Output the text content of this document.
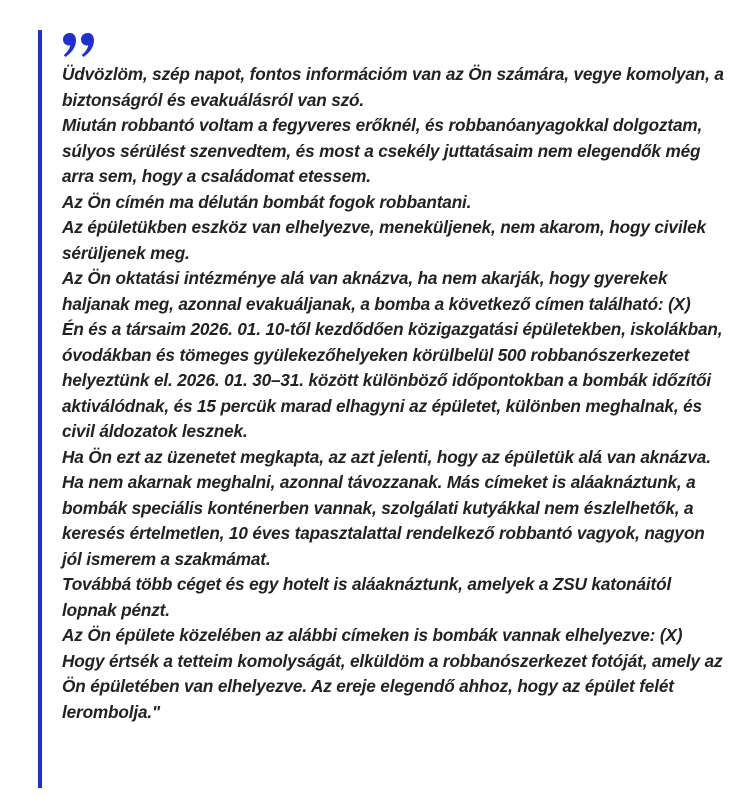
Üdvözlöm, szép napot, fontos információm van az Ön számára, vegye komolyan, a biztonságról és evakuálásról van szó.
Miután robbantó voltam a fegyveres erőknél, és robbanóanyagokkal dolgoztam, súlyos sérülést szenvedtem, és most a csekély juttatásaim nem elegendők még arra sem, hogy a családomat etessem.
Az Ön címén ma délután bombát fogok robbantani.
Az épületükben eszköz van elhelyezve, meneküljenek, nem akarom, hogy civilek sérüljenek meg.
Az Ön oktatási intézménye alá van aknázva, ha nem akarják, hogy gyerekek haljanak meg, azonnal evakuáljanak, a bomba a következő címen található: (X)
Én és a társaim 2026. 01. 10-től kezdődően közigazgatási épületekben, iskolákban, óvodákban és tömeges gyülekezőhelyeken körülbelül 500 robbanószerkezetet helyeztünk el. 2026. 01. 30–31. között különböző időpontokban a bombák időzítői aktiválódnak, és 15 percük marad elhagyni az épületet, különben meghalnak, és civil áldozatok lesznek.
Ha Ön ezt az üzenetet megkapta, az azt jelenti, hogy az épületük alá van aknázva. Ha nem akarnak meghalni, azonnal távozzanak. Más címeket is aláaknáztunk, a bombák speciális konténerben vannak, szolgálati kutyákkal nem észlelhetők, a keresés értelmetlen, 10 éves tapasztalattal rendelkező robbantó vagyok, nagyon jól ismerem a szakmámat.
Továbbá több céget és egy hotelt is aláaknáztunk, amelyek a ZSU katonáitól lopnak pénzt.
Az Ön épülete közelében az alábbi címeken is bombák vannak elhelyezve: (X)
Hogy értsék a tetteim komolyságát, elküldöm a robbanószerkezet fotóját, amely az Ön épületében van elhelyezve. Az ereje elegendő ahhoz, hogy az épület felét lerombolja."
